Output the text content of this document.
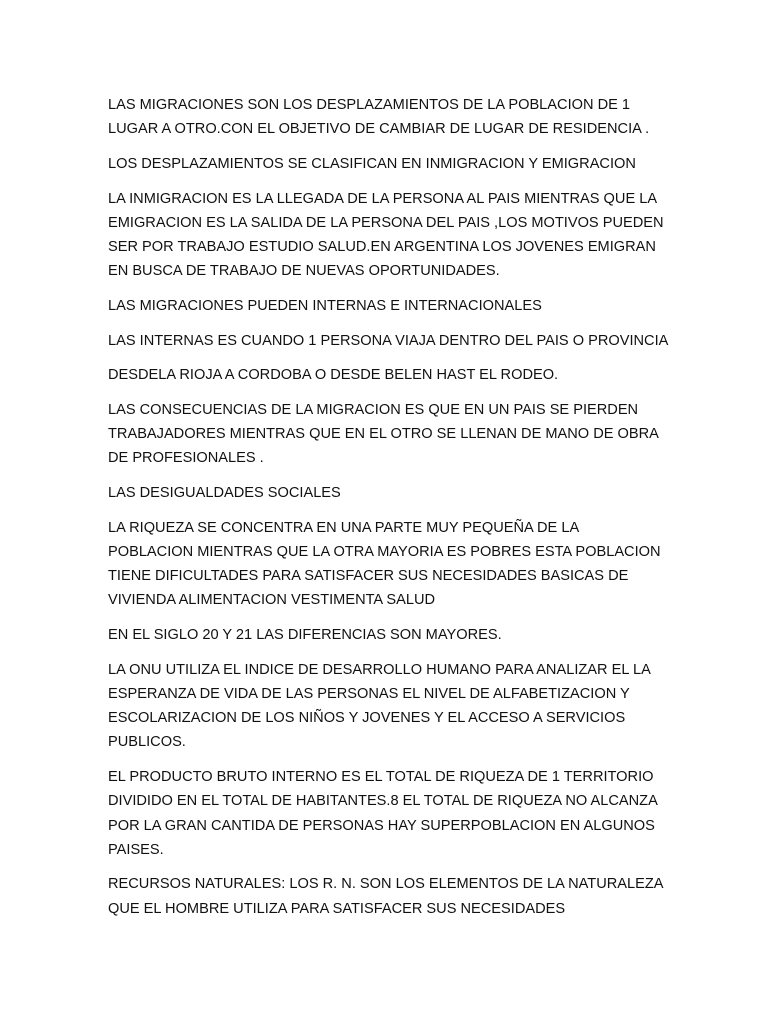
LAS MIGRACIONES SON LOS DESPLAZAMIENTOS DE LA POBLACION DE 1
LUGAR A OTRO.CON EL OBJETIVO DE CAMBIAR DE LUGAR DE RESIDENCIA .

LOS DESPLAZAMIENTOS SE CLASIFICAN EN INMIGRACION Y EMIGRACION

LA INMIGRACION ES LA LLEGADA DE LA PERSONA AL PAIS MIENTRAS QUE LA
EMIGRACION ES LA SALIDA DE LA PERSONA DEL PAIS ,LOS MOTIVOS PUEDEN
SER POR TRABAJO ESTUDIO SALUD.EN ARGENTINA LOS JOVENES EMIGRAN
EN BUSCA DE TRABAJO DE NUEVAS OPORTUNIDADES.

LAS MIGRACIONES PUEDEN INTERNAS E INTERNACIONALES

LAS INTERNAS ES CUANDO 1 PERSONA VIAJA DENTRO DEL PAIS O PROVINCIA

DESDELA RIOJA A CORDOBA O DESDE BELEN HAST EL RODEO.

LAS CONSECUENCIAS DE LA MIGRACION ES QUE EN UN PAIS SE PIERDEN
TRABAJADORES MIENTRAS QUE EN EL OTRO SE LLENAN DE MANO DE OBRA
DE PROFESIONALES .

LAS DESIGUALDADES SOCIALES

LA RIQUEZA SE CONCENTRA EN UNA PARTE MUY PEQUEÑA DE LA
POBLACION MIENTRAS QUE LA OTRA MAYORIA ES POBRES ESTA POBLACION
TIENE DIFICULTADES PARA SATISFACER SUS NECESIDADES BASICAS DE
VIVIENDA ALIMENTACION VESTIMENTA SALUD

EN EL SIGLO 20 Y 21 LAS DIFERENCIAS SON MAYORES.

LA ONU UTILIZA EL INDICE DE DESARROLLO HUMANO PARA ANALIZAR EL LA
ESPERANZA DE VIDA DE LAS PERSONAS EL NIVEL DE ALFABETIZACION Y
ESCOLARIZACION DE LOS NIÑOS Y JOVENES Y EL ACCESO A SERVICIOS
PUBLICOS.

EL PRODUCTO BRUTO INTERNO ES EL TOTAL DE RIQUEZA DE 1 TERRITORIO
DIVIDIDO EN EL TOTAL DE HABITANTES.8 EL TOTAL DE RIQUEZA NO ALCANZA
POR LA GRAN CANTIDA DE PERSONAS HAY SUPERPOBLACION EN ALGUNOS
PAISES.

RECURSOS NATURALES: LOS R. N. SON LOS ELEMENTOS DE LA NATURALEZA
QUE EL HOMBRE UTILIZA PARA SATISFACER SUS NECESIDADES
